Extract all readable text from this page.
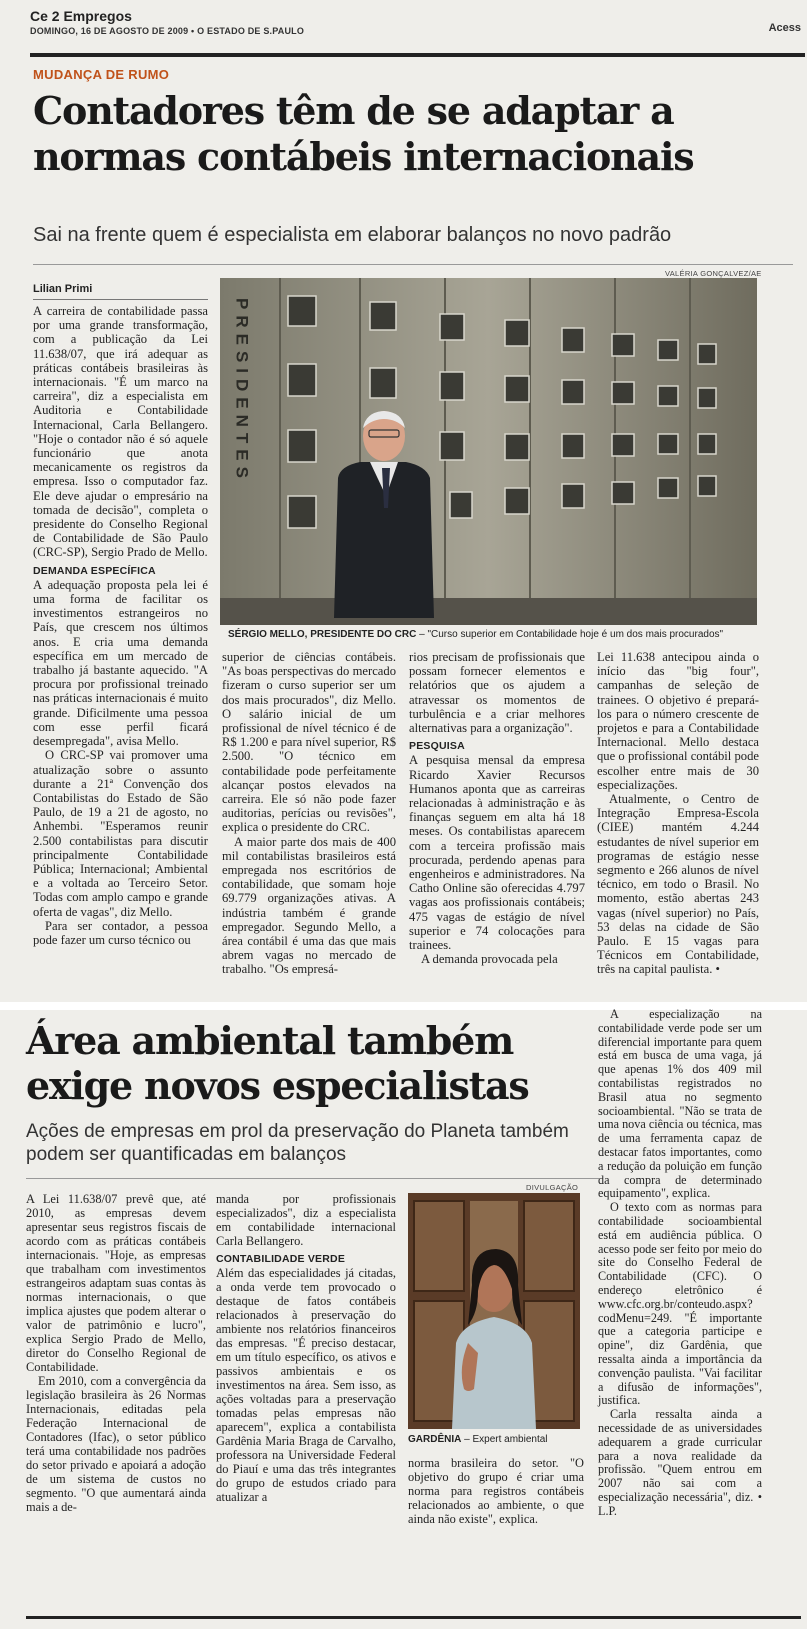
Ce 2 Empregos
DOMINGO, 16 DE AGOSTO DE 2009 • O ESTADO DE S.PAULO	Acess
MUDANÇA DE RUMO
Contadores têm de se adaptar a normas contábeis internacionais
Sai na frente quem é especialista em elaborar balanços no novo padrão
Lilian Primi

A carreira de contabilidade passa por uma grande transformação, com a publicação da Lei 11.638/07, que irá adequar as práticas contábeis brasileiras às internacionais. "É um marco na carreira", diz a especialista em Auditoria e Contabilidade Internacional, Carla Bellangero. "Hoje o contador não é só aquele funcionário que anota mecanicamente os registros da empresa. Isso o computador faz. Ele deve ajudar o empresário na tomada de decisão", completa o presidente do Conselho Regional de Contabilidade de São Paulo (CRC-SP), Sergio Prado de Mello.

DEMANDA ESPECÍFICA

A adequação proposta pela lei é uma forma de facilitar os investimentos estrangeiros no País, que crescem nos últimos anos. E cria uma demanda específica em um mercado de trabalho já bastante aquecido. "A procura por profissional treinado nas práticas internacionais é muito grande. Dificilmente uma pessoa com esse perfil ficará desempregada", avisa Mello.

O CRC-SP vai promover uma atualização sobre o assunto durante a 21ª Convenção dos Contabilistas do Estado de São Paulo, de 19 a 21 de agosto, no Anhembi. "Esperamos reunir 2.500 contabilistas para discutir principalmente Contabilidade Pública; Internacional; Ambiental e a voltada ao Terceiro Setor. Todas com amplo campo e grande oferta de vagas", diz Mello.

Para ser contador, a pessoa pode fazer um curso técnico ou

VALÉRIA GONÇALVEZ/AE
PRESIDENTES
SÉRGIO MELLO, PRESIDENTE DO CRC – "Curso superior em Contabilidade hoje é um dos mais procurados"

superior de ciências contábeis. "As boas perspectivas do mercado fizeram o curso superior ser um dos mais procurados", diz Mello. O salário inicial de um profissional de nível técnico é de R$ 1.200 e para nível superior, R$ 2.500. "O técnico em contabilidade pode perfeitamente alcançar postos elevados na carreira. Ele só não pode fazer auditorias, perícias ou revisões", explica o presidente do CRC.

A maior parte dos mais de 400 mil contabilistas brasileiros está empregada nos escritórios de contabilidade, que somam hoje 69.779 organizações ativas. A indústria também é grande empregador. Segundo Mello, a área contábil é uma das que mais abrem vagas no mercado de trabalho. "Os empresá-

rios precisam de profissionais que possam fornecer elementos e relatórios que os ajudem a atravessar os momentos de turbulência e a criar melhores alternativas para a organização".

PESQUISA

A pesquisa mensal da empresa Ricardo Xavier Recursos Humanos aponta que as carreiras relacionadas à administração e às finanças seguem em alta há 18 meses. Os contabilistas aparecem com a terceira profissão mais procurada, perdendo apenas para engenheiros e administradores. Na Catho Online são oferecidas 4.797 vagas aos profissionais contábeis; 475 vagas de estágio de nível superior e 74 colocações para trainees.

A demanda provocada pela

Lei 11.638 antecipou ainda o início das "big four", campanhas de seleção de trainees. O objetivo é prepará-los para o número crescente de projetos e para a Contabilidade Internacional. Mello destaca que o profissional contábil pode escolher entre mais de 30 especializações.

Atualmente, o Centro de Integração Empresa-Escola (CIEE) mantém 4.244 estudantes de nível superior em programas de estágio nesse segmento e 266 alunos de nível técnico, em todo o Brasil. No momento, estão abertas 243 vagas (nível superior) no País, 53 delas na cidade de São Paulo. E 15 vagas para Técnicos em Contabilidade, três na capital paulista. •

Área ambiental também exige novos especialistas
Ações de empresas em prol da preservação do Planeta também podem ser quantificadas em balanços

A Lei 11.638/07 prevê que, até 2010, as empresas devem apresentar seus registros fiscais de acordo com as práticas contábeis internacionais. "Hoje, as empresas que trabalham com investimentos estrangeiros adaptam suas contas às normas internacionais, o que implica ajustes que podem alterar o valor de patrimônio e lucro", explica Sergio Prado de Mello, diretor do Conselho Regional de Contabilidade.

Em 2010, com a convergência da legislação brasileira às 26 Normas Internacionais, editadas pela Federação Internacional de Contadores (Ifac), o setor público terá uma contabilidade nos padrões do setor privado e apoiará a adoção de um sistema de custos no segmento. "O que aumentará ainda mais a de-

manda por profissionais especializados", diz a especialista em contabilidade internacional Carla Bellangero.

CONTABILIDADE VERDE

Além das especialidades já citadas, a onda verde tem provocado o destaque de fatos contábeis relacionados à preservação do ambiente nos relatórios financeiros das empresas. "É preciso destacar, em um título específico, os ativos e passivos ambientais e os investimentos na área. Sem isso, as ações voltadas para a preservação tomadas pelas empresas não aparecem", explica a contabilista Gardênia Maria Braga de Carvalho, professora na Universidade Federal do Piauí e uma das três integrantes do grupo de estudos criado para atualizar a

DIVULGAÇÃO
GARDÊNIA – Expert ambiental

norma brasileira do setor. "O objetivo do grupo é criar uma norma para registros contábeis relacionados ao ambiente, o que ainda não existe", explica.

A especialização na contabilidade verde pode ser um diferencial importante para quem está em busca de uma vaga, já que apenas 1% dos 409 mil contabilistas registrados no Brasil atua no segmento socioambiental. "Não se trata de uma nova ciência ou técnica, mas de uma ferramenta capaz de destacar fatos importantes, como a redução da poluição em função da compra de determinado equipamento", explica.

O texto com as normas para contabilidade socioambiental está em audiência pública. O acesso pode ser feito por meio do site do Conselho Federal de Contabilidade (CFC). O endereço eletrônico é www.cfc.org.br/conteudo.aspx?codMenu=249. "É importante que a categoria participe e opine", diz Gardênia, que ressalta ainda a importância da convenção paulista. "Vai facilitar a difusão de informações", justifica.

Carla ressalta ainda a necessidade de as universidades adequarem a grade curricular para a nova realidade da profissão. "Quem entrou em 2007 não sai com a especialização necessária", diz. • L.P.
